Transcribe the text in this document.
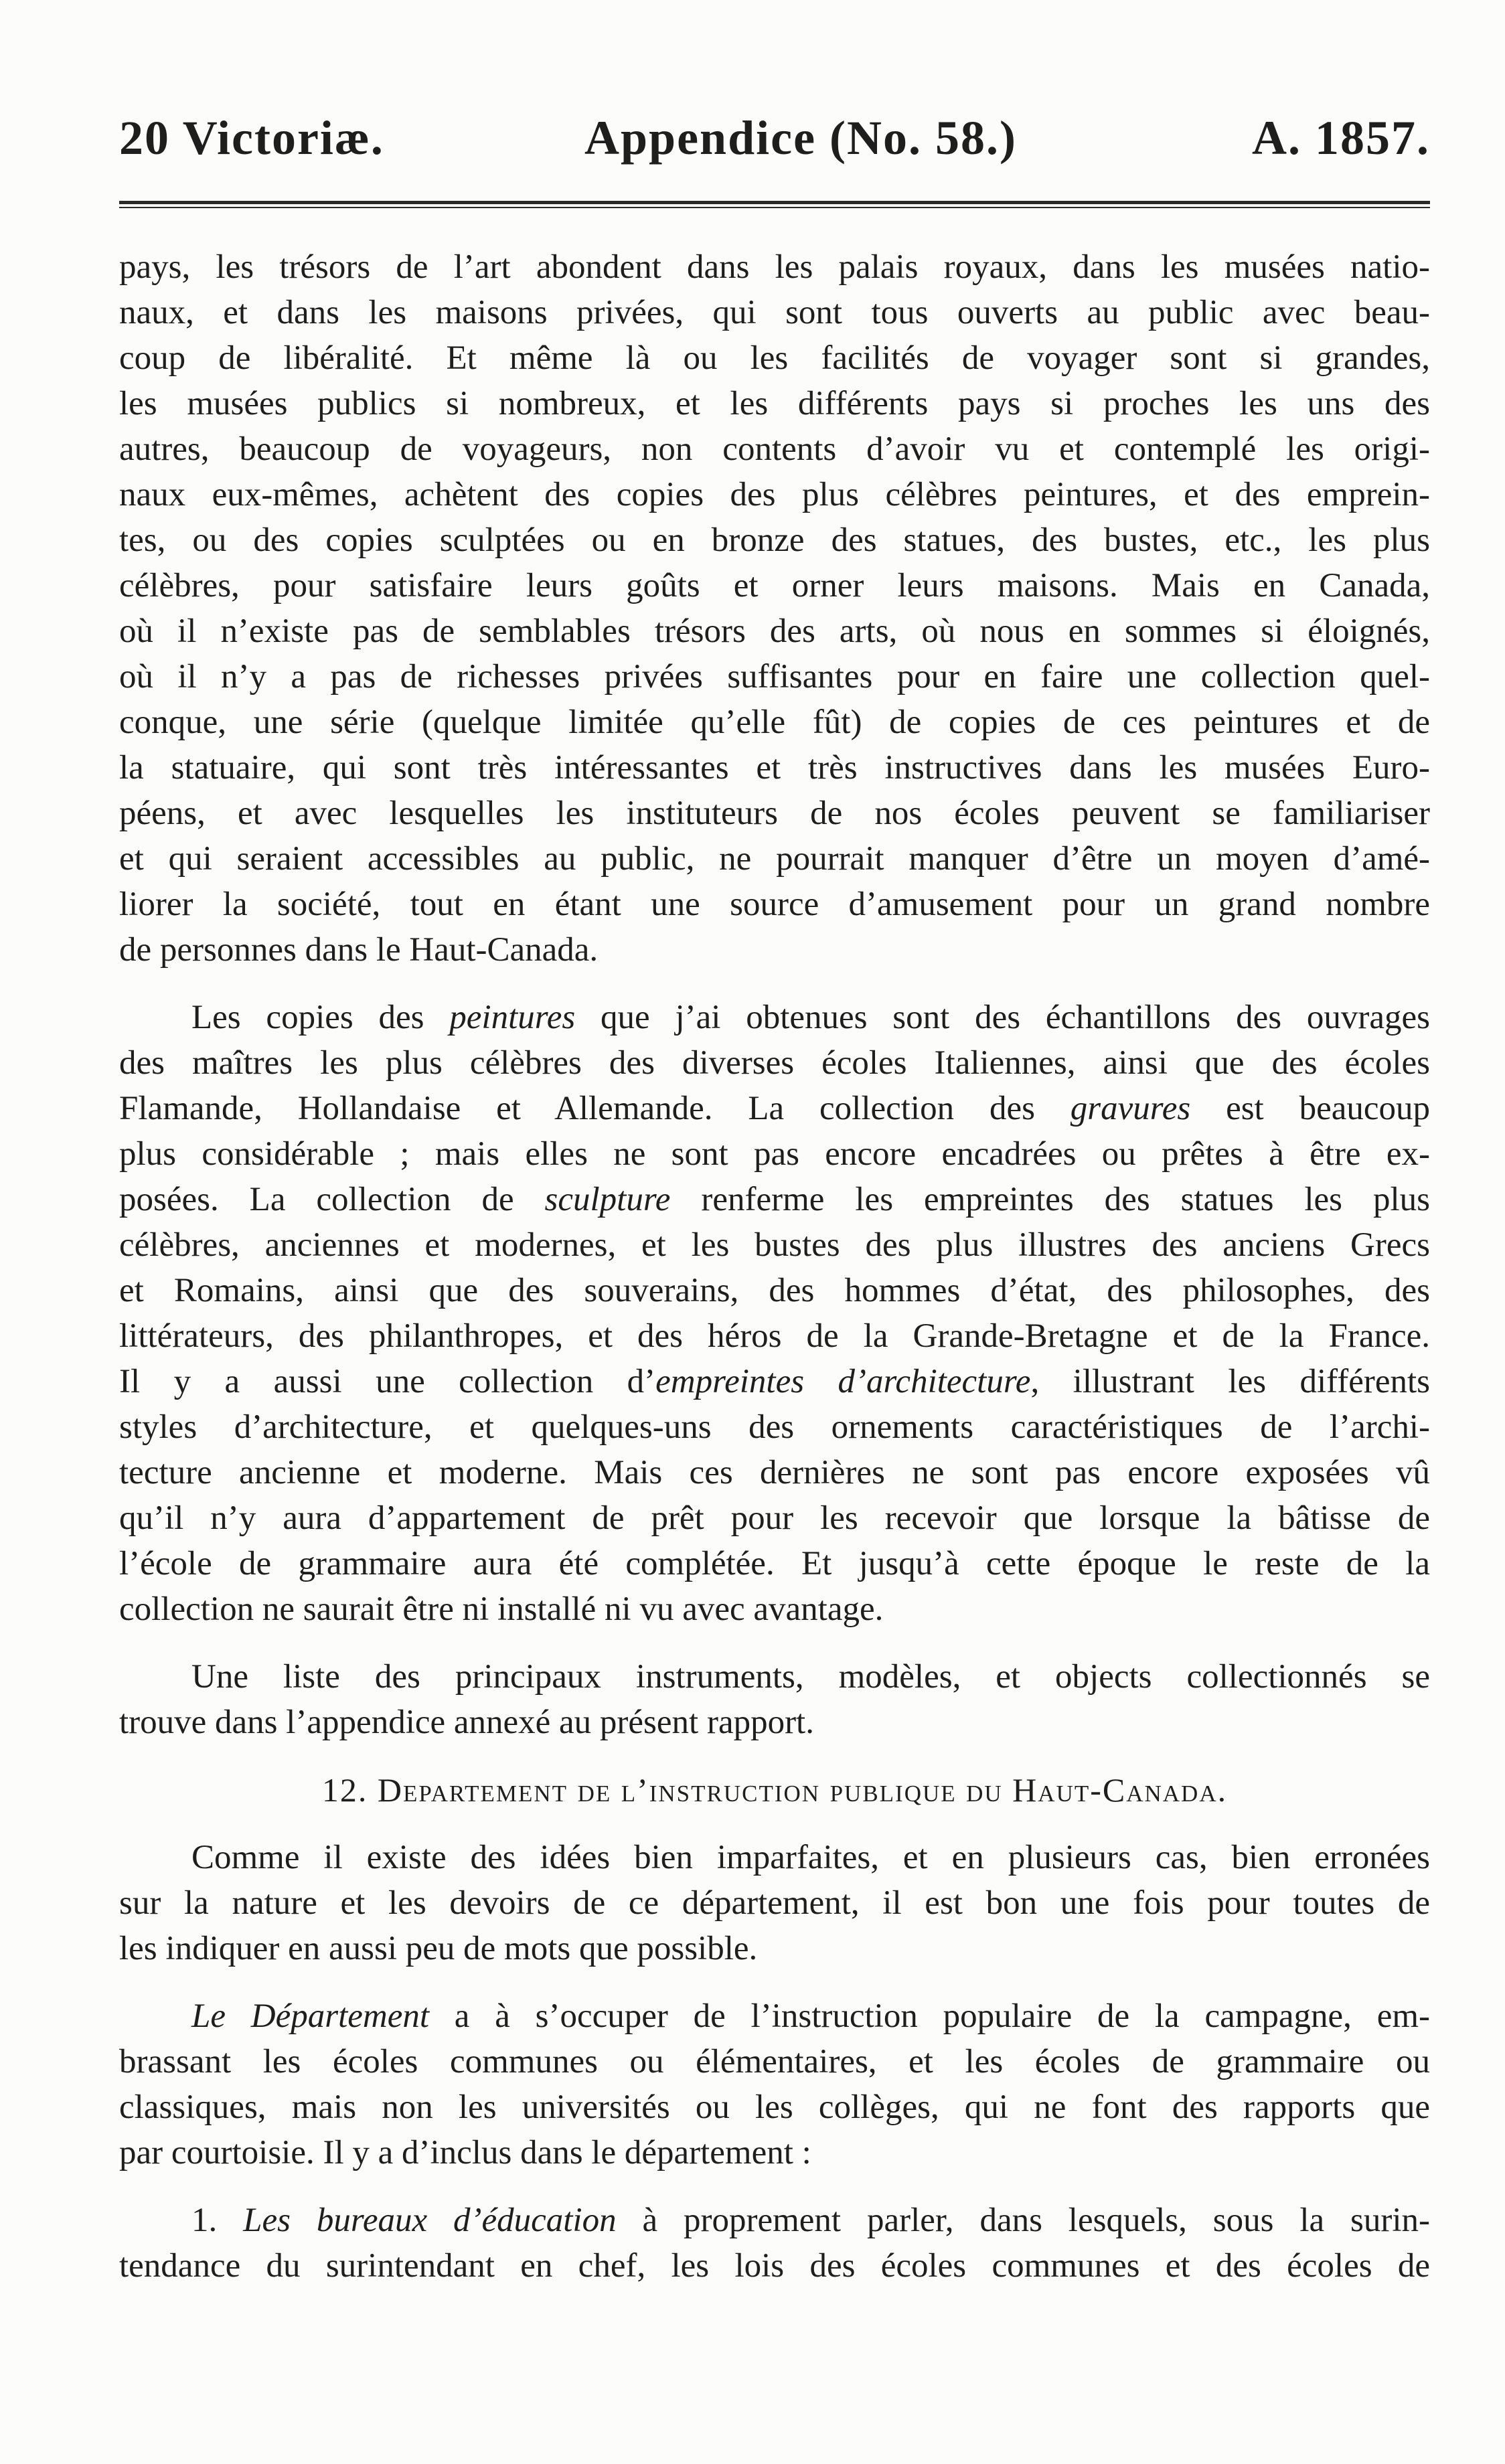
20 Victoriæ.	Appendice (No. 58.)	A. 1857.
pays, les trésors de l’art abondent dans les palais royaux, dans les musées natio-
naux, et dans les maisons privées, qui sont tous ouverts au public avec beau-
coup de libéralité. Et même là ou les facilités de voyager sont si grandes,
les musées publics si nombreux, et les différents pays si proches les uns des
autres, beaucoup de voyageurs, non contents d’avoir vu et contemplé les origi-
naux eux-mêmes, achètent des copies des plus célèbres peintures, et des emprein-
tes, ou des copies sculptées ou en bronze des statues, des bustes, etc., les plus
célèbres, pour satisfaire leurs goûts et orner leurs maisons. Mais en Canada,
où il n’existe pas de semblables trésors des arts, où nous en sommes si éloignés,
où il n’y a pas de richesses privées suffisantes pour en faire une collection quel-
conque, une série (quelque limitée qu’elle fût) de copies de ces peintures et de
la statuaire, qui sont très intéressantes et très instructives dans les musées Euro-
péens, et avec lesquelles les instituteurs de nos écoles peuvent se familiariser
et qui seraient accessibles au public, ne pourrait manquer d’être un moyen d’amé-
liorer la société, tout en étant une source d’amusement pour un grand nombre
de personnes dans le Haut-Canada.
Les copies des peintures que j’ai obtenues sont des échantillons des ouvrages
des maîtres les plus célèbres des diverses écoles Italiennes, ainsi que des écoles
Flamande, Hollandaise et Allemande. La collection des gravures est beaucoup
plus considérable ; mais elles ne sont pas encore encadrées ou prêtes à être ex-
posées. La collection de sculpture renferme les empreintes des statues les plus
célèbres, anciennes et modernes, et les bustes des plus illustres des anciens Grecs
et Romains, ainsi que des souverains, des hommes d’état, des philosophes, des
littérateurs, des philanthropes, et des héros de la Grande-Bretagne et de la France.
Il y a aussi une collection d’empreintes d’architecture, illustrant les différents
styles d’architecture, et quelques-uns des ornements caractéristiques de l’archi-
tecture ancienne et moderne. Mais ces dernières ne sont pas encore exposées vû
qu’il n’y aura d’appartement de prêt pour les recevoir que lorsque la bâtisse de
l’école de grammaire aura été complétée. Et jusqu’à cette époque le reste de la
collection ne saurait être ni installé ni vu avec avantage.
Une liste des principaux instruments, modèles, et objects collectionnés se
trouve dans l’appendice annexé au présent rapport.
12. Departement de l’instruction publique du Haut-Canada.
Comme il existe des idées bien imparfaites, et en plusieurs cas, bien erronées
sur la nature et les devoirs de ce département, il est bon une fois pour toutes de
les indiquer en aussi peu de mots que possible.
Le Département a à s’occuper de l’instruction populaire de la campagne, em-
brassant les écoles communes ou élémentaires, et les écoles de grammaire ou
classiques, mais non les universités ou les collèges, qui ne font des rapports que
par courtoisie. Il y a d’inclus dans le département :
1. Les bureaux d’éducation à proprement parler, dans lesquels, sous la surin-
tendance du surintendant en chef, les lois des écoles communes et des écoles de
